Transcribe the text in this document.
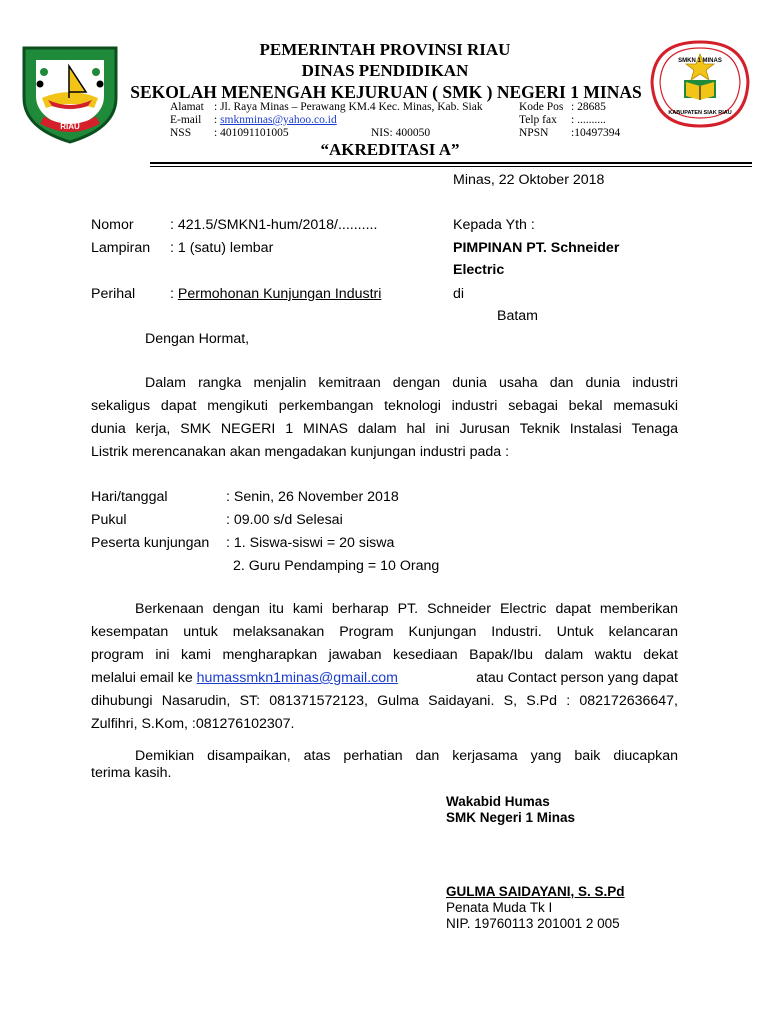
RIAU
SMKN 1 MINAS
KABUPATEN SIAK RIAU
PEMERINTAH PROVINSI RIAU
DINAS PENDIDIKAN
SEKOLAH MENENGAH KEJURUAN ( SMK ) NEGERI 1 MINAS
Alamat : Jl. Raya Minas – Perawang KM.4 Kec. Minas, Kab. Siak
E-mail : smknminas@yahoo.co.id
NSS : 401091101005	NIS: 400050
Kode Pos : 28685
Telp fax : ..........
NPSN :10497394
“AKREDITASI A”
Minas, 22 Oktober 2018
Nomor	: 421.5/SMKN1-hum/2018/..........
Lampiran : 1 (satu) lembar
Perihal : Permohonan Kunjungan Industri
Kepada Yth :
PIMPINAN PT. Schneider
Electric
di
Batam
Dengan Hormat,
Dalam rangka menjalin kemitraan dengan dunia usaha dan dunia industri
sekaligus dapat mengikuti perkembangan teknologi industri sebagai bekal memasuki
dunia kerja, SMK NEGERI 1 MINAS dalam hal ini Jurusan Teknik Instalasi Tenaga
Listrik merencanakan akan mengadakan kunjungan industri pada :
Hari/tanggal	: Senin, 26 November 2018
Pukul	: 09.00 s/d Selesai
Peserta kunjungan : 1. Siswa-siswi = 20 siswa
2. Guru Pendamping = 10 Orang
Berkenaan dengan itu kami berharap PT. Schneider Electric dapat memberikan
kesempatan untuk melaksanakan Program Kunjungan Industri. Untuk kelancaran
program ini kami mengharapkan jawaban kesediaan Bapak/Ibu dalam waktu dekat
melalui email ke humassmkn1minas@gmail.com	atau Contact person yang dapat
dihubungi Nasarudin, ST: 081371572123, Gulma Saidayani. S, S.Pd : 082172636647,
Zulfihri, S.Kom, :081276102307.
Demikian disampaikan, atas perhatian dan kerjasama yang baik diucapkan
terima kasih.
Wakabid Humas
SMK Negeri 1 Minas
GULMA SAIDAYANI, S. S.Pd
Penata Muda Tk I
NIP. 19760113 201001 2 005
